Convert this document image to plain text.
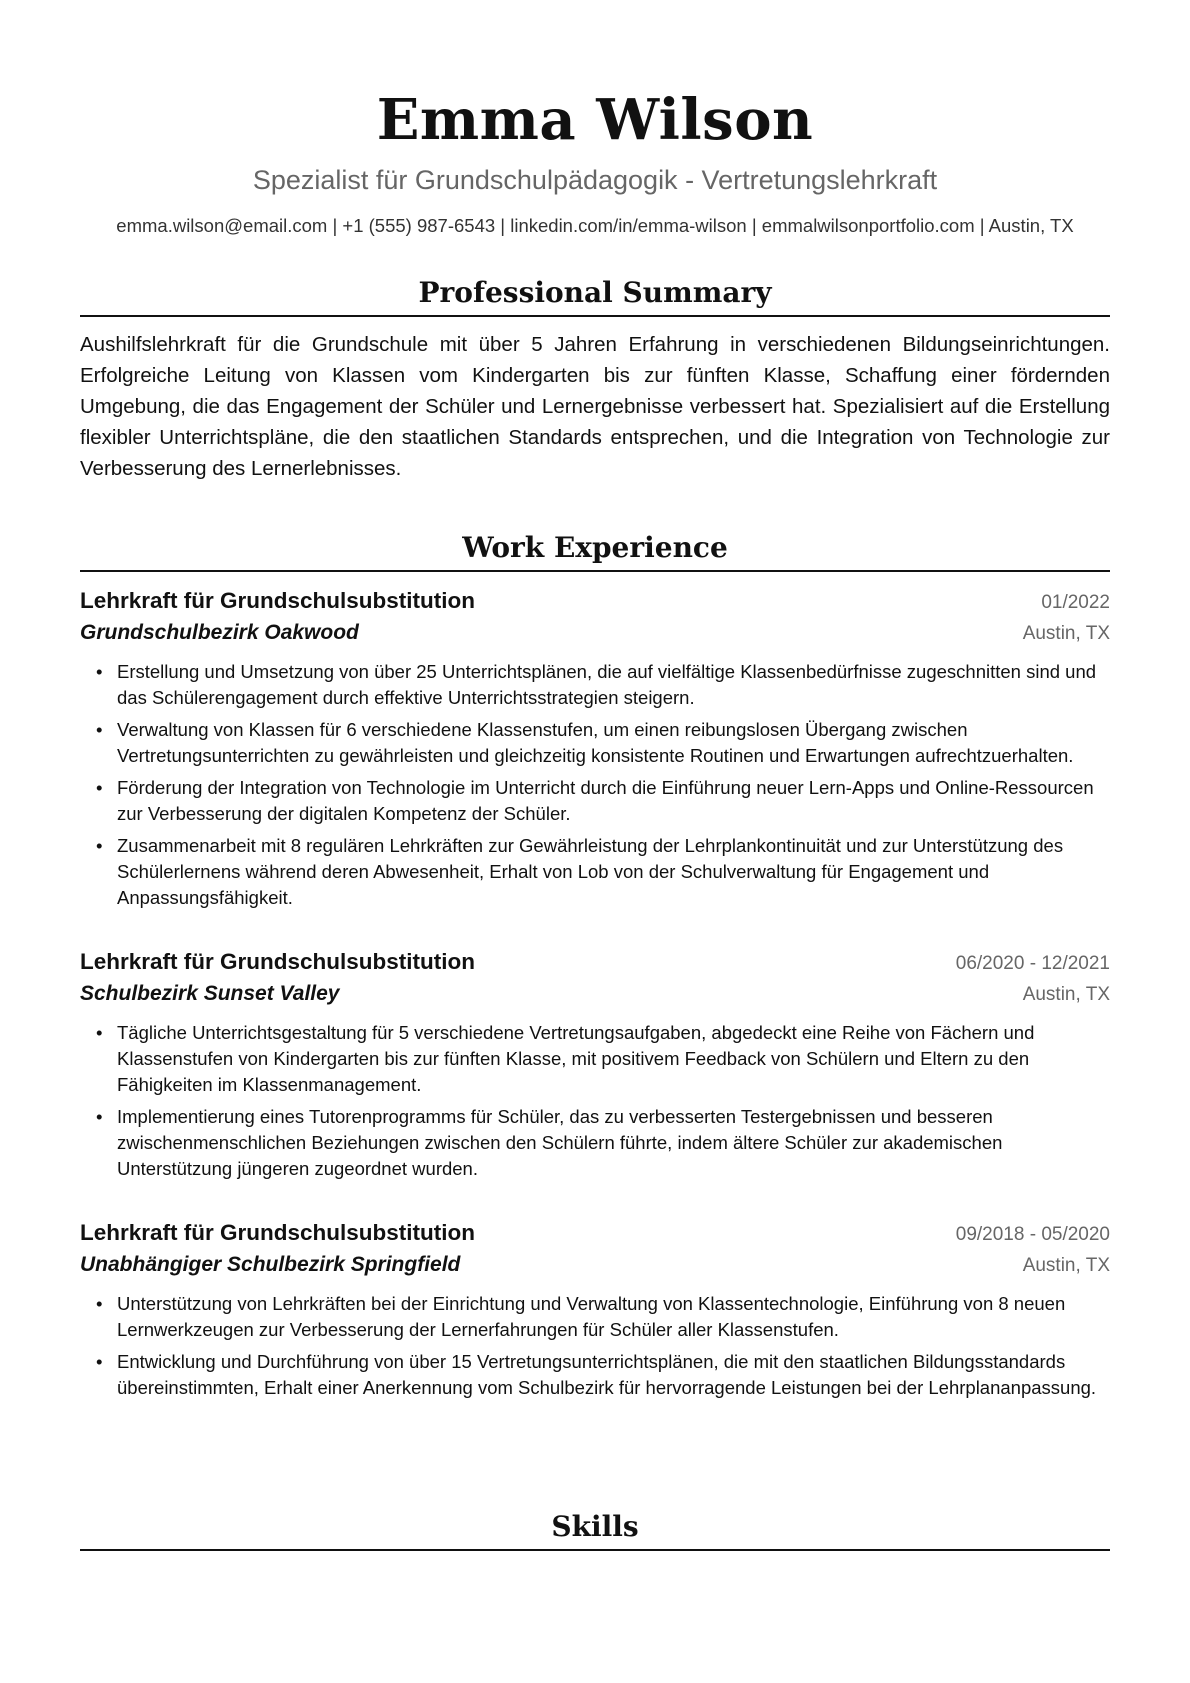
Emma Wilson
Spezialist für Grundschulpädagogik - Vertretungslehrkraft
emma.wilson@email.com | +1 (555) 987-6543 | linkedin.com/in/emma-wilson | emmalwilsonportfolio.com | Austin, TX
Professional Summary
Aushilfslehrkraft für die Grundschule mit über 5 Jahren Erfahrung in verschiedenen Bildungseinrichtungen. Erfolgreiche Leitung von Klassen vom Kindergarten bis zur fünften Klasse, Schaffung einer fördernden Umgebung, die das Engagement der Schüler und Lernergebnisse verbessert hat. Spezialisiert auf die Erstellung flexibler Unterrichtspläne, die den staatlichen Standards entsprechen, und die Integration von Technologie zur Verbesserung des Lernerlebnisses.
Work Experience
Lehrkraft für Grundschulsubstitution	01/2022
Grundschulbezirk Oakwood	Austin, TX
• Erstellung und Umsetzung von über 25 Unterrichtsplänen, die auf vielfältige Klassenbedürfnisse zugeschnitten sind und das Schülerengagement durch effektive Unterrichtsstrategien steigern.
• Verwaltung von Klassen für 6 verschiedene Klassenstufen, um einen reibungslosen Übergang zwischen Vertretungsunterrichten zu gewährleisten und gleichzeitig konsistente Routinen und Erwartungen aufrechtzuerhalten.
• Förderung der Integration von Technologie im Unterricht durch die Einführung neuer Lern-Apps und Online-Ressourcen zur Verbesserung der digitalen Kompetenz der Schüler.
• Zusammenarbeit mit 8 regulären Lehrkräften zur Gewährleistung der Lehrplankontinuität und zur Unterstützung des Schülerlernens während deren Abwesenheit, Erhalt von Lob von der Schulverwaltung für Engagement und Anpassungsfähigkeit.
Lehrkraft für Grundschulsubstitution	06/2020 - 12/2021
Schulbezirk Sunset Valley	Austin, TX
• Tägliche Unterrichtsgestaltung für 5 verschiedene Vertretungsaufgaben, abgedeckt eine Reihe von Fächern und Klassenstufen von Kindergarten bis zur fünften Klasse, mit positivem Feedback von Schülern und Eltern zu den Fähigkeiten im Klassenmanagement.
• Implementierung eines Tutorenprogramms für Schüler, das zu verbesserten Testergebnissen und besseren zwischenmenschlichen Beziehungen zwischen den Schülern führte, indem ältere Schüler zur akademischen Unterstützung jüngeren zugeordnet wurden.
Lehrkraft für Grundschulsubstitution	09/2018 - 05/2020
Unabhängiger Schulbezirk Springfield	Austin, TX
• Unterstützung von Lehrkräften bei der Einrichtung und Verwaltung von Klassentechnologie, Einführung von 8 neuen Lernwerkzeugen zur Verbesserung der Lernerfahrungen für Schüler aller Klassenstufen.
• Entwicklung und Durchführung von über 15 Vertretungsunterrichtsplänen, die mit den staatlichen Bildungsstandards übereinstimmten, Erhalt einer Anerkennung vom Schulbezirk für hervorragende Leistungen bei der Lehrplananpassung.
Skills
